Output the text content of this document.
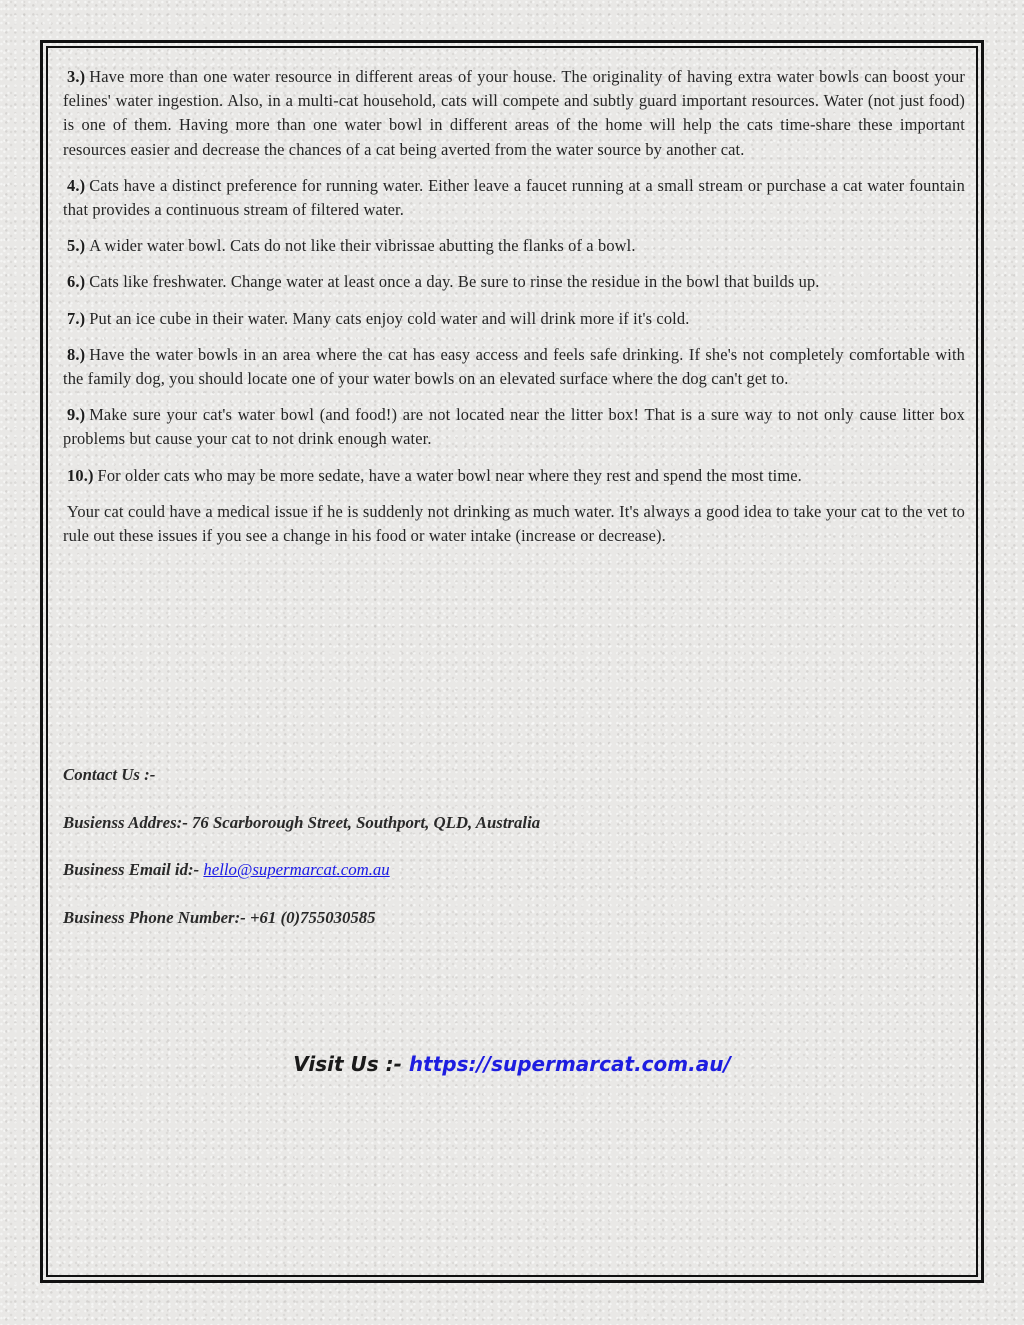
3.) Have more than one water resource in different areas of your house. The originality of having extra water bowls can boost your felines' water ingestion. Also, in a multi-cat household, cats will compete and subtly guard important resources. Water (not just food) is one of them. Having more than one water bowl in different areas of the home will help the cats time-share these important resources easier and decrease the chances of a cat being averted from the water source by another cat.

4.) Cats have a distinct preference for running water. Either leave a faucet running at a small stream or purchase a cat water fountain that provides a continuous stream of filtered water.

5.) A wider water bowl. Cats do not like their vibrissae abutting the flanks of a bowl.

6.) Cats like freshwater. Change water at least once a day. Be sure to rinse the residue in the bowl that builds up.

7.) Put an ice cube in their water. Many cats enjoy cold water and will drink more if it's cold.

8.) Have the water bowls in an area where the cat has easy access and feels safe drinking. If she's not completely comfortable with the family dog, you should locate one of your water bowls on an elevated surface where the dog can't get to.

9.) Make sure your cat's water bowl (and food!) are not located near the litter box! That is a sure way to not only cause litter box problems but cause your cat to not drink enough water.

10.) For older cats who may be more sedate, have a water bowl near where they rest and spend the most time.

Your cat could have a medical issue if he is suddenly not drinking as much water. It's always a good idea to take your cat to the vet to rule out these issues if you see a change in his food or water intake (increase or decrease).

Contact Us :-
Busienss Addres:- 76 Scarborough Street, Southport, QLD, Australia
Business Email id:- hello@supermarcat.com.au
Business Phone Number:- +61 (0)755030585
Visit Us :- https://supermarcat.com.au/
